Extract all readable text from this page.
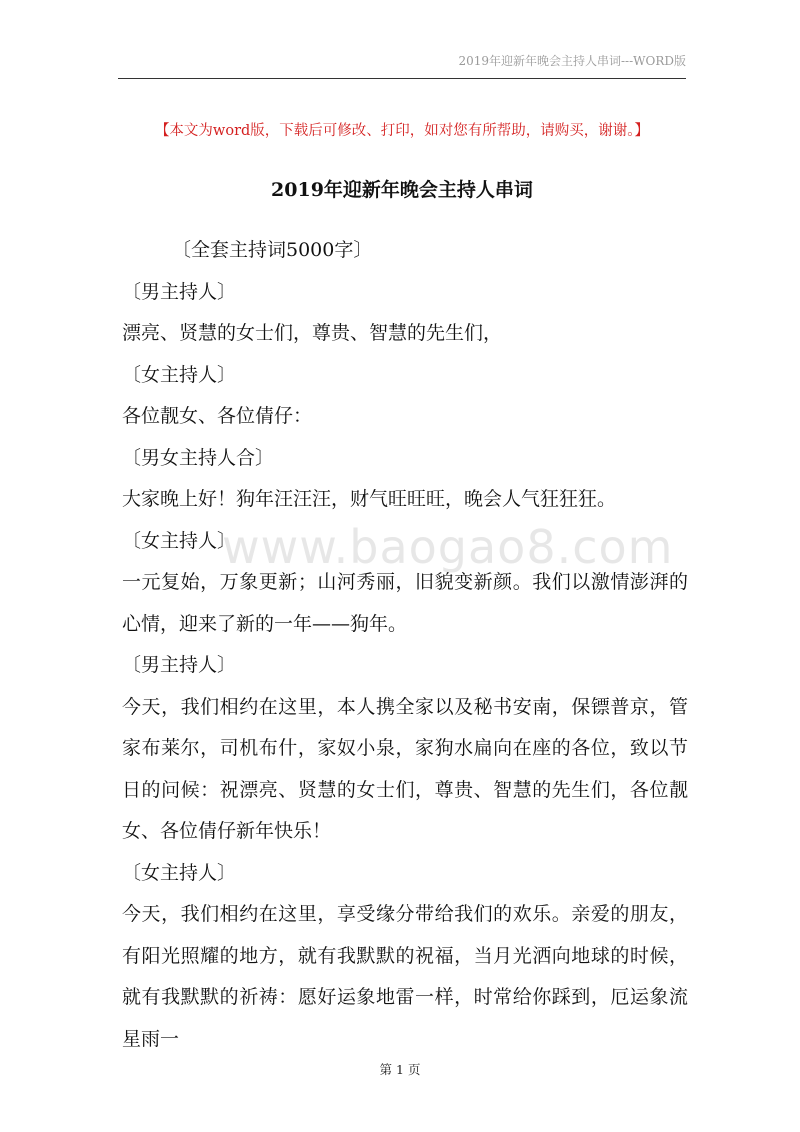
2019年迎新年晚会主持人串词---WORD版
【本文为word版，下载后可修改、打印，如对您有所帮助，请购买，谢谢。】
2019年迎新年晚会主持人串词

〔全套主持词5000字〕

〔男主持人〕

漂亮、贤慧的女士们，尊贵、智慧的先生们，

〔女主持人〕

各位靓女、各位倩仔：

〔男女主持人合〕

大家晚上好！狗年汪汪汪，财气旺旺旺，晚会人气狂狂狂。

〔女主持人〕

一元复始，万象更新；山河秀丽，旧貌变新颜。我们以激情澎湃的心情，迎来了新的一年——狗年。

〔男主持人〕

今天，我们相约在这里，本人携全家以及秘书安南，保镖普京，管家布莱尔，司机布什，家奴小泉，家狗水扁向在座的各位，致以节日的问候：祝漂亮、贤慧的女士们，尊贵、智慧的先生们，各位靓女、各位倩仔新年快乐！

〔女主持人〕

今天，我们相约在这里，享受缘分带给我们的欢乐。亲爱的朋友，有阳光照耀的地方，就有我默默的祝福，当月光洒向地球的时候，就有我默默的祈祷：愿好运象地雷一样，时常给你踩到，厄运象流星雨一

www.baogao8.com
第 1 页
